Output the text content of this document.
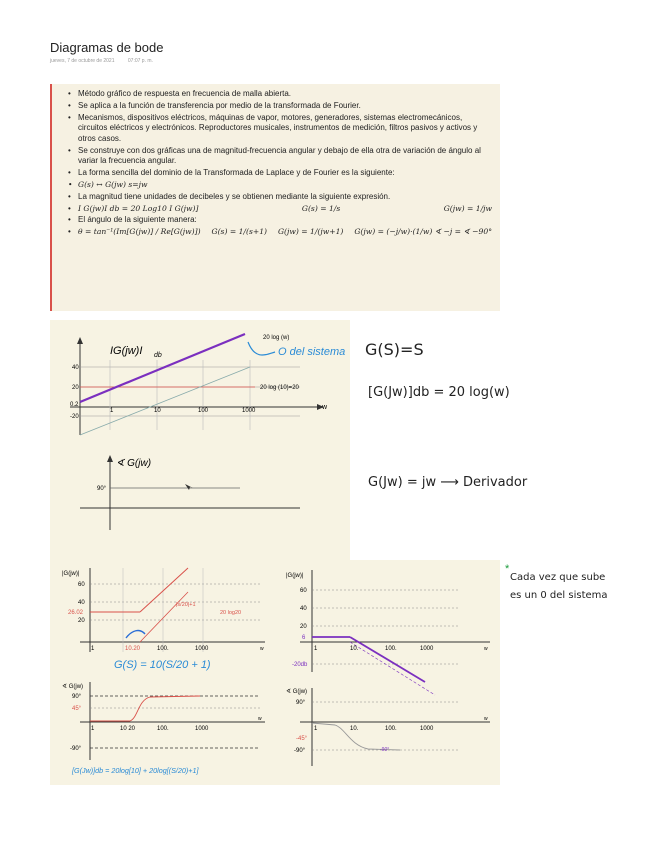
Diagramas de bode
jueves, 7 de octubre de 2021	07:07 p. m.
• Método gráfico de respuesta en frecuencia de malla abierta.
• Se aplica a la función de transferencia por medio de la transformada de Fourier.
• Mecanismos, dispositivos eléctricos, máquinas de vapor, motores, generadores, sistemas electromecánicos, circuitos eléctricos y electrónicos. Reproductores musicales, instrumentos de medición, filtros pasivos y activos y otros casos.
• Se construye con dos gráficas una de magnitud-frecuencia angular y debajo de ella otra de variación de ángulo al variar la frecuencia angular.
• La forma sencilla del dominio de la Transformada de Laplace y de Fourier es la siguiente:
• G(s) ↔ G(jw) s=jw
• La magnitud tiene unidades de decibeles y se obtienen mediante la siguiente expresión.
• I G(jw)I db = 20 Log10 I G(jw)]	G(s) = 1/s	G(jw) = 1/jw
• El ángulo de la siguiente manera:
• θ = tan⁻¹(Im[G(jw)] / Re[G(jw)]) G(s) = 1/(s+1) G(jw) = 1/(jw+1) G(jw) = (−j/w)·(1/w) ∢ −j = ∢ −90°
IG(jw)I db
20 log (w)
20 log (10)=20
O del sistema
w
40
20
0.2
-20
1	10	100	1000
∢ G(jw)
90°
G(S)=S
[G(Jw)]db = 20 log(w)
G(Jw) = jw ⟶ Derivador
*
Cada vez que sube
es un 0 del sistema
|G(jw)|
60
40
26.02
20
1	10.20	100.	1000
|s/20|+1
20 log20
w
G(S) = 10(S/20 + 1)
∢ G(jw)
90°
45°
-90°
1	10 20	100.	1000
w
[G(Jw)]db = 20log[10] + 20log[(S/20)+1]
|G(jw)|
60
40
20
6
-20db
1	10.	100.	1000	w
∢ G(jw)
90°
-45°
-90°
1	10.	100.	1000
w
-90°
